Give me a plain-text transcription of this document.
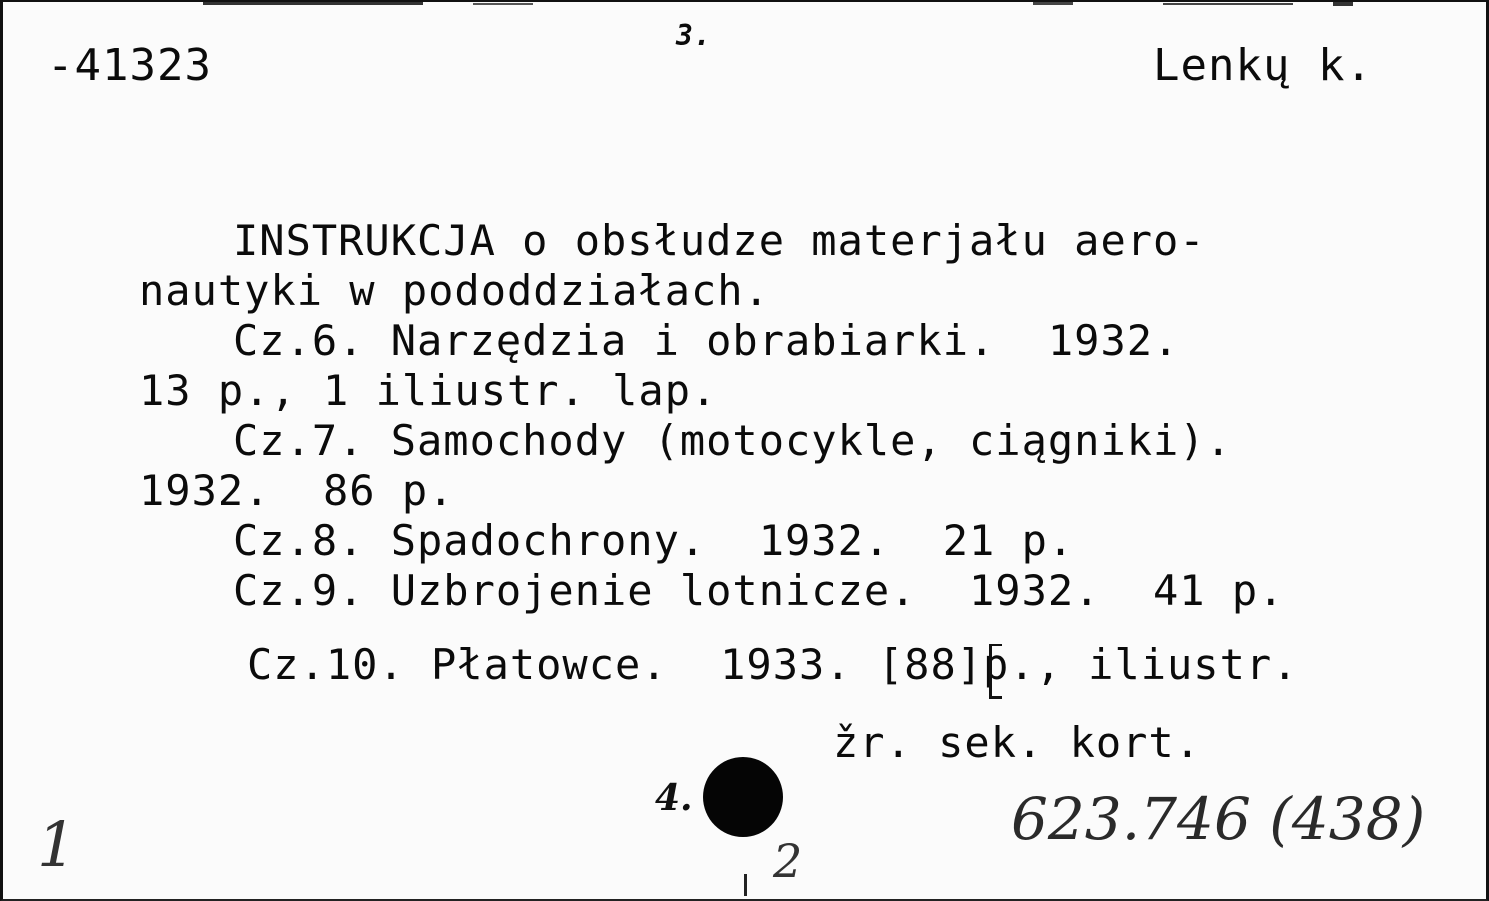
-41323
3.
Lenkų k.
INSTRUKCJA o obsłudze materjału aero-
nautyki w pododdziałach.
Cz.6. Narzędzia i obrabiarki.  1932.
13 p., 1 iliustr. lap.
Cz.7. Samochody (motocykle, ciągniki).
1932.  86 p.
Cz.8. Spadochrony.  1932.  21 p.
Cz.9. Uzbrojenie lotnicze.  1932.  41 p.
Cz.10. Płatowce.  1933. [88]p., iliustr.
žr. sek. kort.
1
4.
2
623.746 (438)
